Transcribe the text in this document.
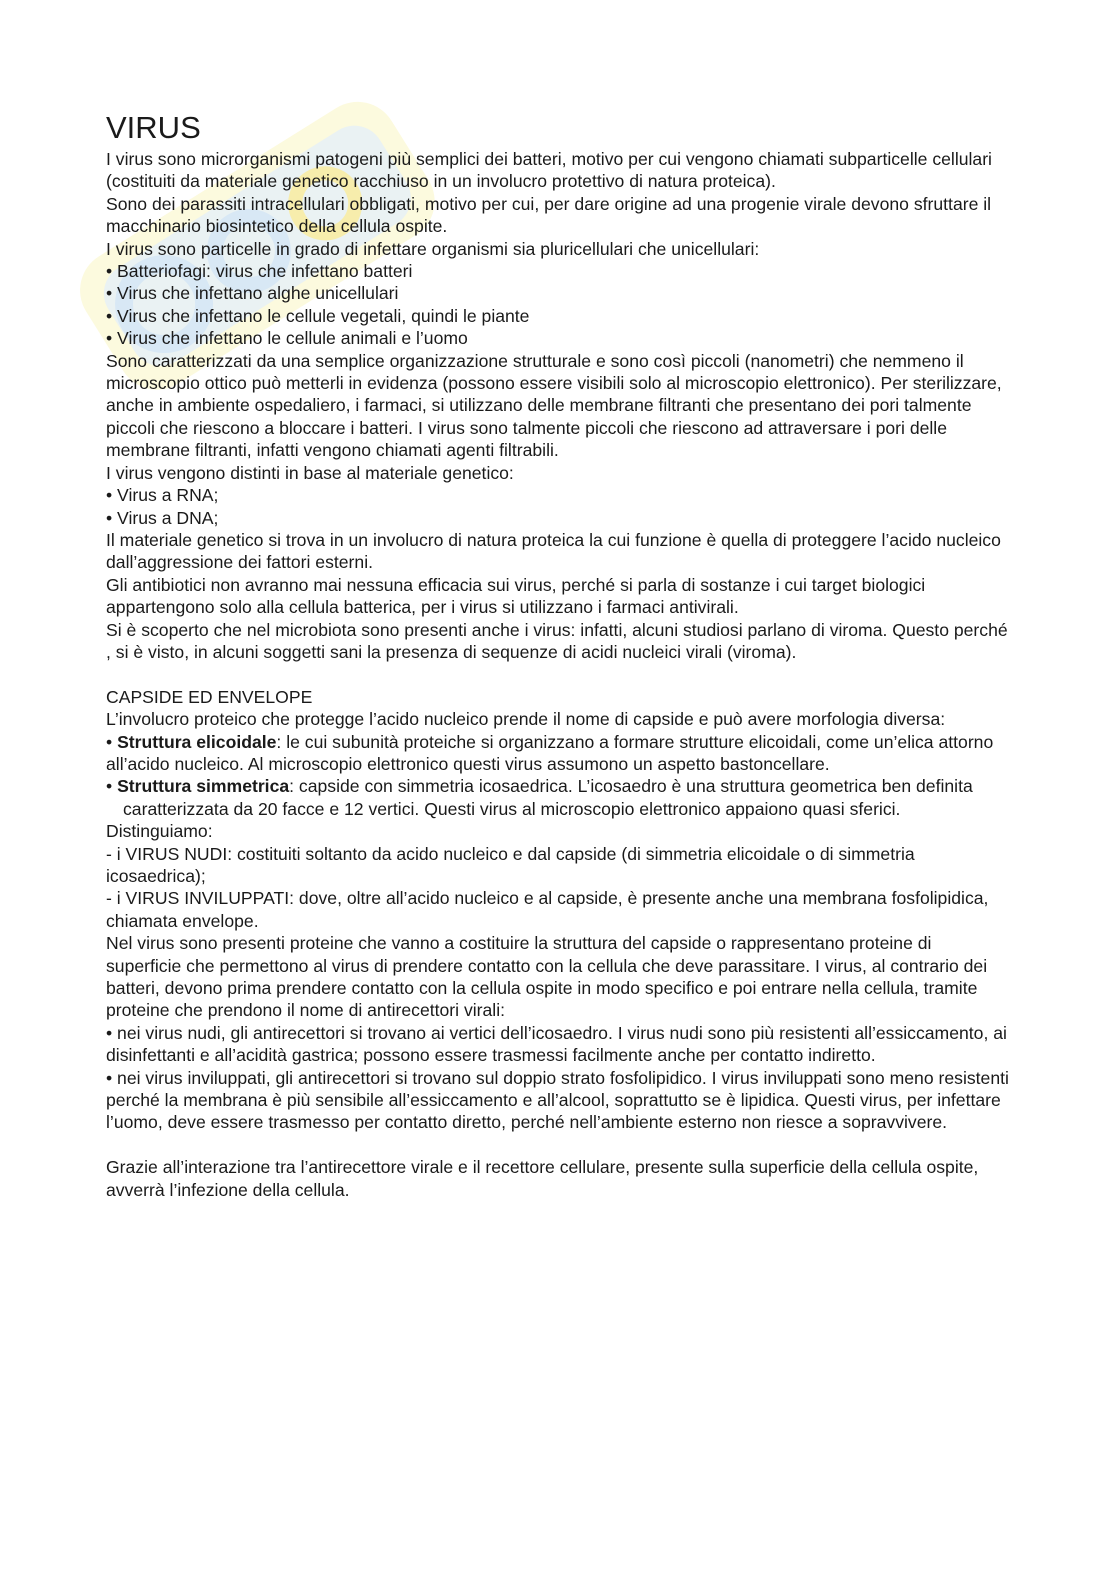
VIRUS

I virus sono microrganismi patogeni più semplici dei batteri, motivo per cui vengono chiamati subparticelle cellulari (costituiti da materiale genetico racchiuso in un involucro protettivo di natura proteica).

Sono dei parassiti intracellulari obbligati, motivo per cui, per dare origine ad una progenie virale devono sfruttare il macchinario biosintetico della cellula ospite.

I virus sono particelle in grado di infettare organismi sia pluricellulari che unicellulari:

• Batteriofagi: virus che infettano batteri

• Virus che infettano alghe unicellulari

• Virus che infettano le cellule vegetali, quindi le piante

• Virus che infettano le cellule animali e l’uomo

Sono caratterizzati da una semplice organizzazione strutturale e sono così piccoli (nanometri) che nemmeno il microscopio ottico può metterli in evidenza (possono essere visibili solo al microscopio elettronico). Per sterilizzare, anche in ambiente ospedaliero, i farmaci, si utilizzano delle membrane filtranti che presentano dei pori talmente piccoli che riescono a bloccare i batteri. I virus sono talmente piccoli che riescono ad attraversare i pori delle membrane filtranti, infatti vengono chiamati agenti filtrabili.

I virus vengono distinti in base al materiale genetico:

• Virus a RNA;

• Virus a DNA;

Il materiale genetico si trova in un involucro di natura proteica la cui funzione è quella di proteggere l’acido nucleico dall’aggressione dei fattori esterni.

Gli antibiotici non avranno mai nessuna efficacia sui virus, perché si parla di sostanze i cui target biologici appartengono solo alla cellula batterica, per i virus si utilizzano i farmaci antivirali.

Si è scoperto che nel microbiota sono presenti anche i virus: infatti, alcuni studiosi parlano di viroma. Questo perché , si è visto, in alcuni soggetti sani la presenza di sequenze di acidi nucleici virali (viroma).

CAPSIDE ED ENVELOPE

L’involucro proteico che protegge l’acido nucleico prende il nome di capside e può avere morfologia diversa:

• Struttura elicoidale: le cui subunità proteiche si organizzano a formare strutture elicoidali, come un’elica attorno all’acido nucleico. Al microscopio elettronico questi virus assumono un aspetto bastoncellare.

• Struttura simmetrica: capside con simmetria icosaedrica. L’icosaedro è una struttura geometrica ben definita caratterizzata da 20 facce e 12 vertici. Questi virus al microscopio elettronico appaiono quasi sferici.

Distinguiamo:

- i VIRUS NUDI: costituiti soltanto da acido nucleico e dal capside (di simmetria elicoidale o di simmetria icosaedrica);

- i VIRUS INVILUPPATI: dove, oltre all’acido nucleico e al capside, è presente anche una membrana fosfolipidica, chiamata envelope.

Nel virus sono presenti proteine che vanno a costituire la struttura del capside o rappresentano proteine di superficie che permettono al virus di prendere contatto con la cellula che deve parassitare. I virus, al contrario dei batteri, devono prima prendere contatto con la cellula ospite in modo specifico e poi entrare nella cellula, tramite proteine che prendono il nome di antirecettori virali:

• nei virus nudi, gli antirecettori si trovano ai vertici dell’icosaedro. I virus nudi sono più resistenti all’essiccamento, ai disinfettanti e all’acidità gastrica; possono essere trasmessi facilmente anche per contatto indiretto.

• nei virus inviluppati, gli antirecettori si trovano sul doppio strato fosfolipidico. I virus inviluppati sono meno resistenti perché la membrana è più sensibile all’essiccamento e all’alcool, soprattutto se è lipidica. Questi virus, per infettare l’uomo, deve essere trasmesso per contatto diretto, perché nell’ambiente esterno non riesce a sopravvivere.

Grazie all’interazione tra l’antirecettore virale e il recettore cellulare, presente sulla superficie della cellula ospite, avverrà l’infezione della cellula.
